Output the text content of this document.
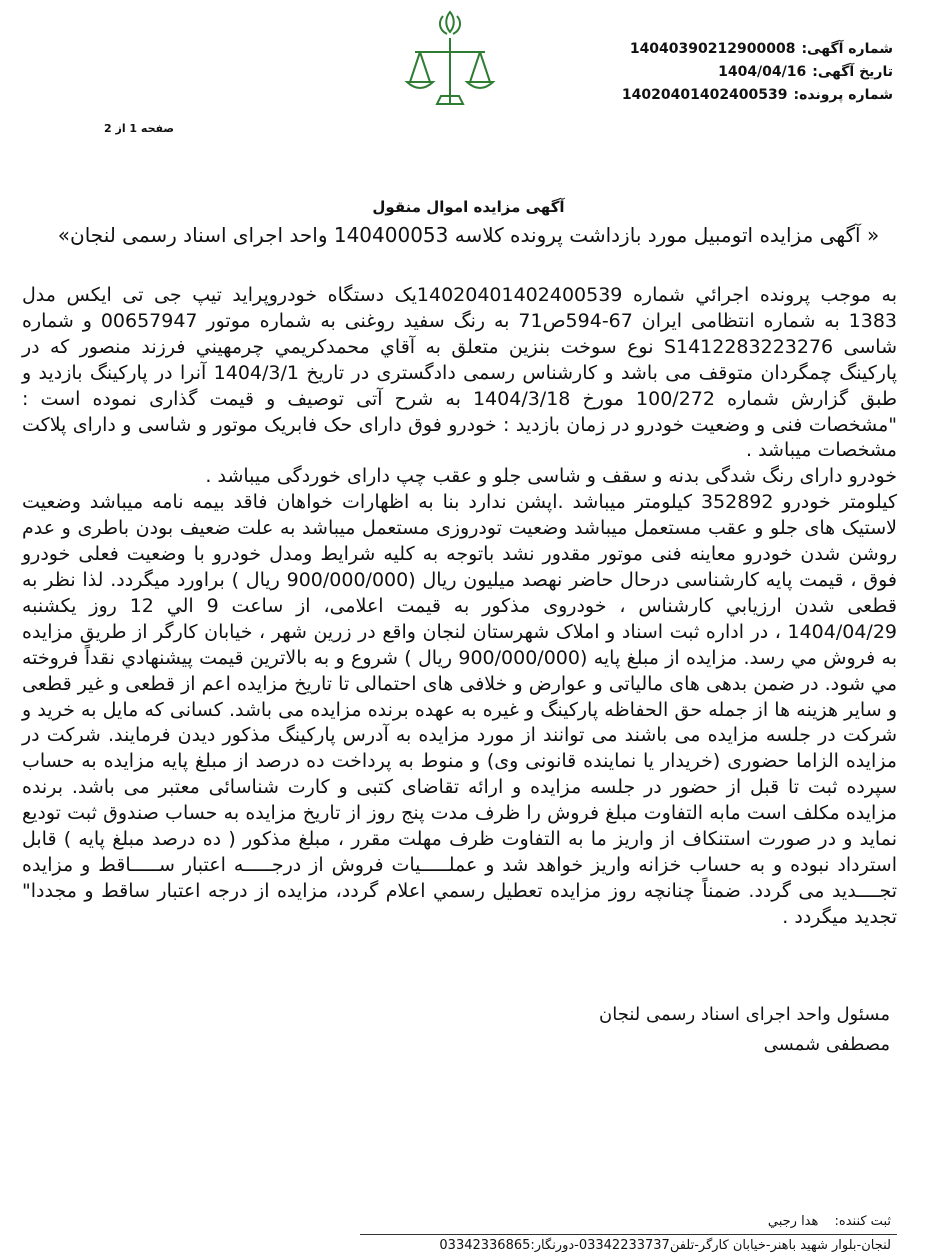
شماره آگهی:
14040390212900008
تاریخ آگهی:
1404/04/16
شماره پرونده:
14020401402400539
صفحه 1 از 2
آگهی مزایده اموال منقول
« آگهی مزایده اتومبیل مورد بازداشت پرونده کلاسه 140400053 واحد اجرای اسناد رسمی لنجان»

به موجب پرونده اجرائي شماره 14020401402400539يک دستگاه خودروپراید تیپ جی تی ایکس مدل 1383 به شماره انتظامی ایران 67-594ص71 به رنگ سفید روغنی به شماره موتور 00657947 و شماره شاسی S1412283223276 نوع سوخت بنزین متعلق به آقاي محمدکريمي چرمهيني فرزند منصور که در پارکینگ چمگردان متوقف می باشد و کارشناس رسمی دادگستری در تاریخ 1404/3/1 آنرا در پارکینگ بازدید و طبق گزارش شماره 100/272 مورخ 1404/3/18 به شرح آتی توصیف و قیمت گذاری نموده است : "مشخصات فنی و وضعیت خودرو در زمان بازدید : خودرو فوق دارای حک فابریک موتور و شاسی و دارای پلاکت مشخصات میباشد .

خودرو دارای رنگ شدگی بدنه و سقف و شاسی جلو و عقب چپ دارای خوردگی میباشد .

کیلومتر خودرو 352892 کیلومتر میباشد .اپشن ندارد بنا به اظهارات خواهان فاقد بیمه نامه میباشد وضعیت لاستیک های جلو و عقب مستعمل میباشد وضعیت تودروزی مستعمل میباشد به علت ضعیف بودن باطری و عدم روشن شدن خودرو معاینه فنی موتور مقدور نشد باتوجه به کلیه شرایط ومدل خودرو با وضعیت فعلی خودرو فوق ، قیمت پایه کارشناسی درحال حاضر نهصد میلیون ریال (900/000/000 ریال ) براورد میگردد. لذا نظر به قطعی شدن ارزيابي کارشناس ، خودروی مذکور به قیمت اعلامی، از ساعت 9 الي 12 روز یکشنبه 1404/04/29 ، در اداره ثبت اسناد و املاک شهرستان لنجان واقع در زرین شهر ، خيابان کارگر از طريق مزايده به فروش مي رسد. مزايده از مبلغ پايه (900/000/000 ريال ) شروع و به بالاترين قيمت پيشنهادي نقداً فروخته مي شود. در ضمن بدهی های مالیاتی و عوارض و خلافی های احتمالی تا تاریخ مزایده اعم از قطعی و غیر قطعی و سایر هزینه ها از جمله حق الحفاظه پارکینگ و غیره به عهده برنده مزایده می باشد. کسانی که مایل به خرید و شرکت در جلسه مزایده می باشند می توانند از مورد مزایده به آدرس پارکینگ مذکور دیدن فرمایند. شرکت در مزایده الزاما حضوری (خریدار یا نماینده قانونی وی) و منوط به پرداخت ده درصد از مبلغ پایه مزایده به حساب سپرده ثبت تا قبل از حضور در جلسه مزایده و ارائه تقاضای کتبی و کارت شناسائی معتبر می باشد. برنده مزایده مکلف است مابه التفاوت مبلغ فروش را ظرف مدت پنج روز از تاریخ مزایده به حساب صندوق ثبت تودیع نماید و در صورت استنکاف از واریز ما به التفاوت ظرف مهلت مقرر ، مبلغ مذکور ( ده درصد مبلغ پایه ) قابل استرداد نبوده و به حساب خزانه واریز خواهد شد و عملـــــیات فروش از درجـــــه اعتبار ســـــاقط و مزایده تجــــدید می گردد. ضمناً چنانچه روز مزايده تعطيل رسمي اعلام گردد، مزايده از درجه اعتبار ساقط و مجددا" تجديد ميگردد .

مسئول واحد اجرای اسناد رسمی لنجان
مصطفی شمسی
ثبت کننده: هدا رجبي
لنجان-بلوار شهید باهنر-خیابان کارگر-تلفن03342233737-دورنگار:03342336865
